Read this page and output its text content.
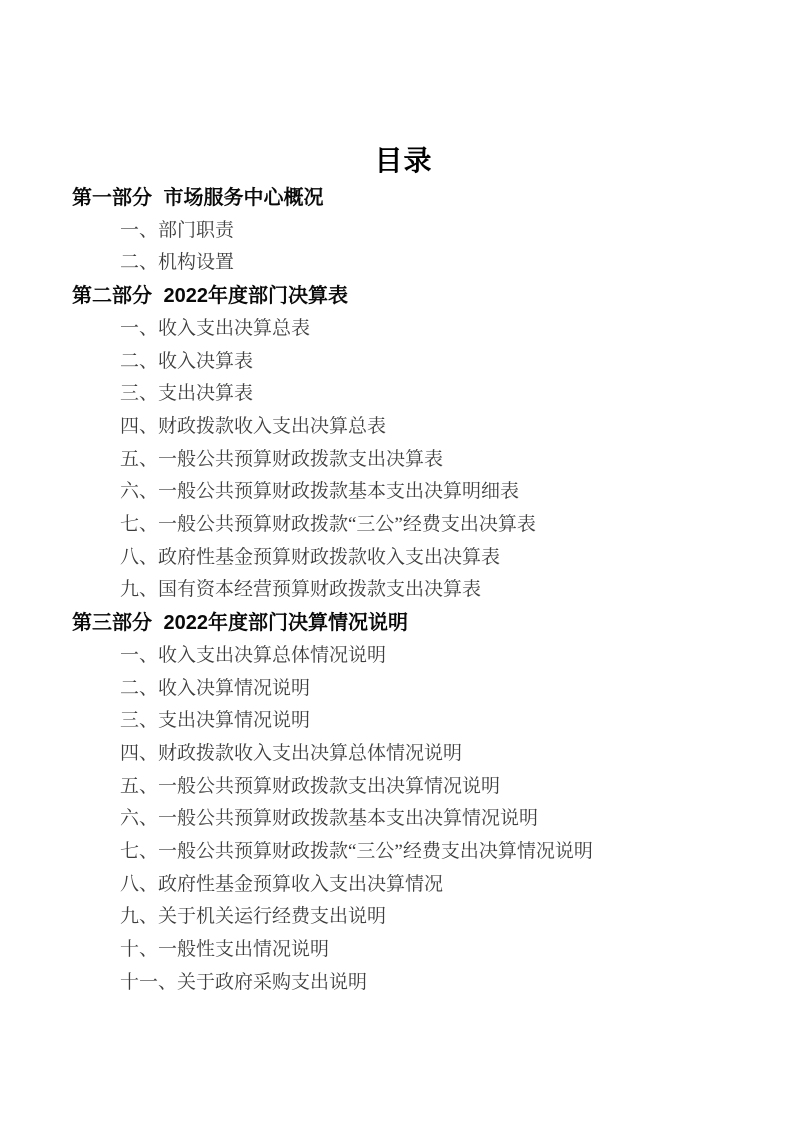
目录
第一部分 市场服务中心概况
一、部门职责
二、机构设置
第二部分 2022年度部门决算表
一、收入支出决算总表
二、收入决算表
三、支出决算表
四、财政拨款收入支出决算总表
五、一般公共预算财政拨款支出决算表
六、一般公共预算财政拨款基本支出决算明细表
七、一般公共预算财政拨款“三公”经费支出决算表
八、政府性基金预算财政拨款收入支出决算表
九、国有资本经营预算财政拨款支出决算表
第三部分 2022年度部门决算情况说明
一、收入支出决算总体情况说明
二、收入决算情况说明
三、支出决算情况说明
四、财政拨款收入支出决算总体情况说明
五、一般公共预算财政拨款支出决算情况说明
六、一般公共预算财政拨款基本支出决算情况说明
七、一般公共预算财政拨款“三公”经费支出决算情况说明
八、政府性基金预算收入支出决算情况
九、关于机关运行经费支出说明
十、一般性支出情况说明
十一、关于政府采购支出说明
